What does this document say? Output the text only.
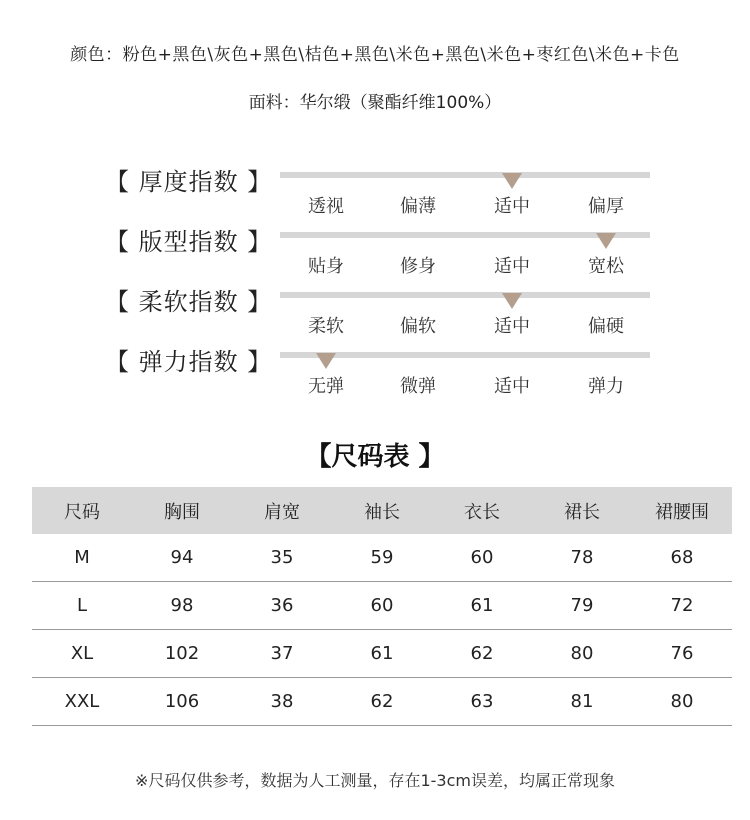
颜色：粉色+黑色\灰色+黑色\桔色+黑色\米色+黑色\米色+枣红色\米色+卡色
面料：华尔缎（聚酯纤维100%）
【 厚度指数 】
透视	偏薄	适中	偏厚
【 版型指数 】
贴身	修身	适中	宽松
【 柔软指数 】
柔软	偏软	适中	偏硬
【 弹力指数 】
无弹	微弹	适中	弹力
【尺码表 】
尺码	胸围	肩宽	袖长	衣长	裙长	裙腰围
M	94	35	59	60	78	68
L	98	36	60	61	79	72
XL	102	37	61	62	80	76
XXL	106	38	62	63	81	80
※尺码仅供参考，数据为人工测量，存在1-3cm误差，均属正常现象
